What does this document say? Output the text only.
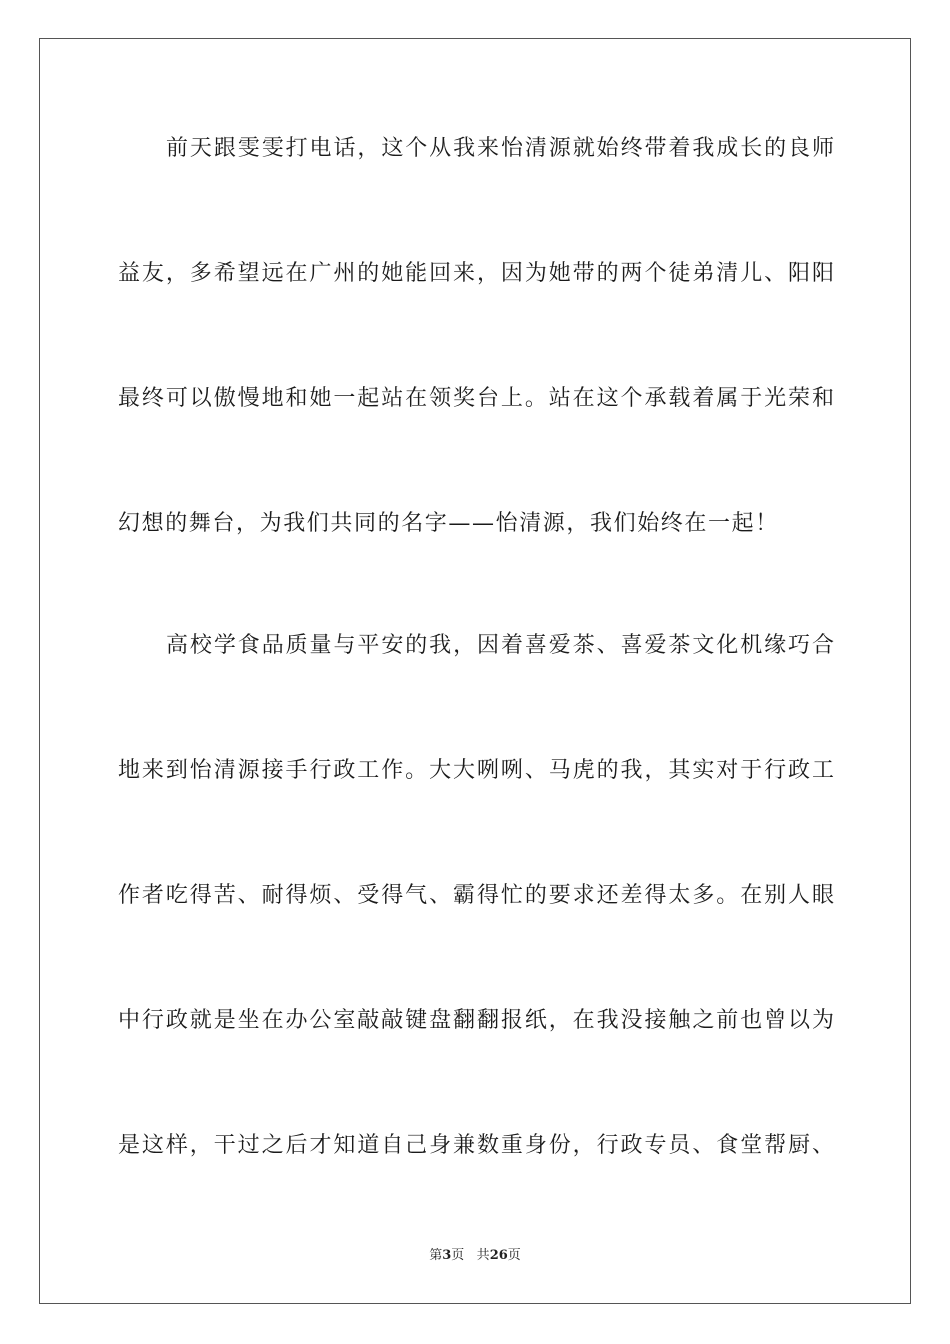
前天跟雯雯打电话，这个从我来怡清源就始终带着我成长的良师

益友，多希望远在广州的她能回来，因为她带的两个徒弟清儿、阳阳

最终可以傲慢地和她一起站在领奖台上。站在这个承载着属于光荣和

幻想的舞台，为我们共同的名字——怡清源，我们始终在一起！

高校学食品质量与平安的我，因着喜爱茶、喜爱茶文化机缘巧合

地来到怡清源接手行政工作。大大咧咧、马虎的我，其实对于行政工

作者吃得苦、耐得烦、受得气、霸得忙的要求还差得太多。在别人眼

中行政就是坐在办公室敲敲键盘翻翻报纸，在我没接触之前也曾以为

是这样，干过之后才知道自己身兼数重身份，行政专员、食堂帮厨、

第3页 共26页
